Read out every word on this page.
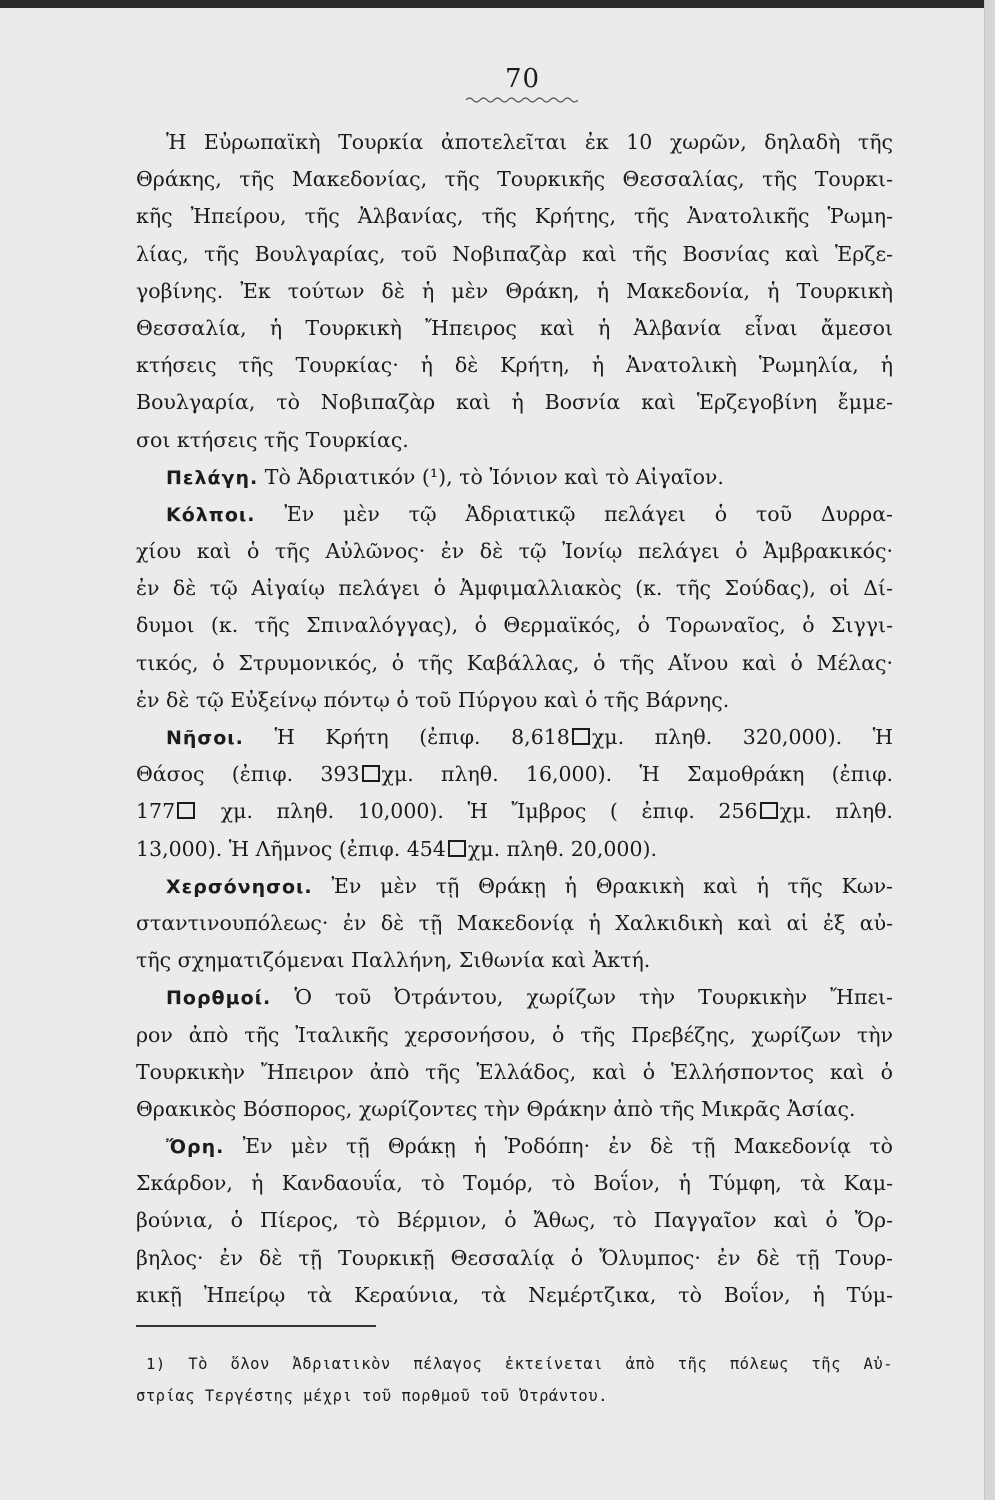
70
Ἡ Εὐρωπαϊκὴ Τουρκία ἀποτελεῖται ἐκ 10 χωρῶν, δηλαδὴ τῆς
Θράκης, τῆς Μακεδονίας, τῆς Τουρκικῆς Θεσσαλίας, τῆς Τουρκι-
κῆς Ἠπείρου, τῆς Ἀλβανίας, τῆς Κρήτης, τῆς Ἀνατολικῆς Ῥωμη-
λίας, τῆς Βουλγαρίας, τοῦ Νοβιπαζὰρ καὶ τῆς Βοσνίας καὶ Ἑρζε-
γοβίνης. Ἐκ τούτων δὲ ἡ μὲν Θράκη, ἡ Μακεδονία, ἡ Τουρκικὴ
Θεσσαλία, ἡ Τουρκικὴ Ἤπειρος καὶ ἡ Ἀλβανία εἶναι ἄμεσοι
κτήσεις τῆς Τουρκίας· ἡ δὲ Κρήτη, ἡ Ἀνατολικὴ Ῥωμηλία, ἡ
Βουλγαρία, τὸ Νοβιπαζὰρ καὶ ἡ Βοσνία καὶ Ἑρζεγοβίνη ἔμμε-
σοι κτήσεις τῆς Τουρκίας.
Πελάγη. Τὸ Ἀδριατικόν (¹), τὸ Ἰόνιον καὶ τὸ Αἰγαῖον.
Κόλποι. Ἐν μὲν τῷ Ἀδριατικῷ πελάγει ὁ τοῦ Δυρρα-
χίου καὶ ὁ τῆς Αὐλῶνος· ἐν δὲ τῷ Ἰονίῳ πελάγει ὁ Ἀμβρακικός·
ἐν δὲ τῷ Αἰγαίῳ πελάγει ὁ Ἀμφιμαλλιακὸς (κ. τῆς Σούδας), οἱ Δί-
δυμοι (κ. τῆς Σπιναλόγγας), ὁ Θερμαϊκός, ὁ Τορωναῖος, ὁ Σιγγι-
τικός, ὁ Στρυμονικός, ὁ τῆς Καβάλλας, ὁ τῆς Αἴνου καὶ ὁ Μέλας·
ἐν δὲ τῷ Εὐξείνῳ πόντῳ ὁ τοῦ Πύργου καὶ ὁ τῆς Βάρνης.
Νῆσοι. Ἡ Κρήτη (ἐπιφ. 8,618 χμ. πληθ. 320,000). Ἡ
Θάσος (ἐπιφ. 393 χμ. πληθ. 16,000). Ἡ Σαμοθράκη (ἐπιφ.
177 χμ. πληθ. 10,000). Ἡ Ἴμβρος ( ἐπιφ. 256 χμ. πληθ.
13,000). Ἡ Λῆμνος (ἐπιφ. 454 χμ. πληθ. 20,000).
Χερσόνησοι. Ἐν μὲν τῇ Θράκῃ ἡ Θρακικὴ καὶ ἡ τῆς Κων-
σταντινουπόλεως· ἐν δὲ τῇ Μακεδονίᾳ ἡ Χαλκιδικὴ καὶ αἱ ἐξ αὐ-
τῆς σχηματιζόμεναι Παλλήνη, Σιθωνία καὶ Ἀκτή.
Πορθμοί. Ὁ τοῦ Ὀτράντου, χωρίζων τὴν Τουρκικὴν Ἤπει-
ρον ἀπὸ τῆς Ἰταλικῆς χερσονήσου, ὁ τῆς Πρεβέζης, χωρίζων τὴν
Τουρκικὴν Ἤπειρον ἀπὸ τῆς Ἑλλάδος, καὶ ὁ Ἑλλήσποντος καὶ ὁ
Θρακικὸς Βόσπορος, χωρίζοντες τὴν Θράκην ἀπὸ τῆς Μικρᾶς Ἀσίας.
Ὄρη. Ἐν μὲν τῇ Θράκῃ ἡ Ῥοδόπη· ἐν δὲ τῇ Μακεδονίᾳ τὸ
Σκάρδον, ἡ Κανδαουΐα, τὸ Τομόρ, τὸ Βοΐον, ἡ Τύμφη, τὰ Καμ-
βούνια, ὁ Πίερος, τὸ Βέρμιον, ὁ Ἄθως, τὸ Παγγαῖον καὶ ὁ Ὄρ-
βηλος· ἐν δὲ τῇ Τουρκικῇ Θεσσαλίᾳ ὁ Ὄλυμπος· ἐν δὲ τῇ Τουρ-
κικῇ Ἠπείρῳ τὰ Κεραύνια, τὰ Νεμέρτζικα, τὸ Βοΐον, ἡ Τύμ-
1) Τὸ ὅλον Ἀδριατικὸν πέλαγος ἐκτείνεται ἀπὸ τῆς πόλεως τῆς Αὐ-
στρίας Τεργέστης μέχρι τοῦ πορθμοῦ τοῦ Ὀτράντου.
